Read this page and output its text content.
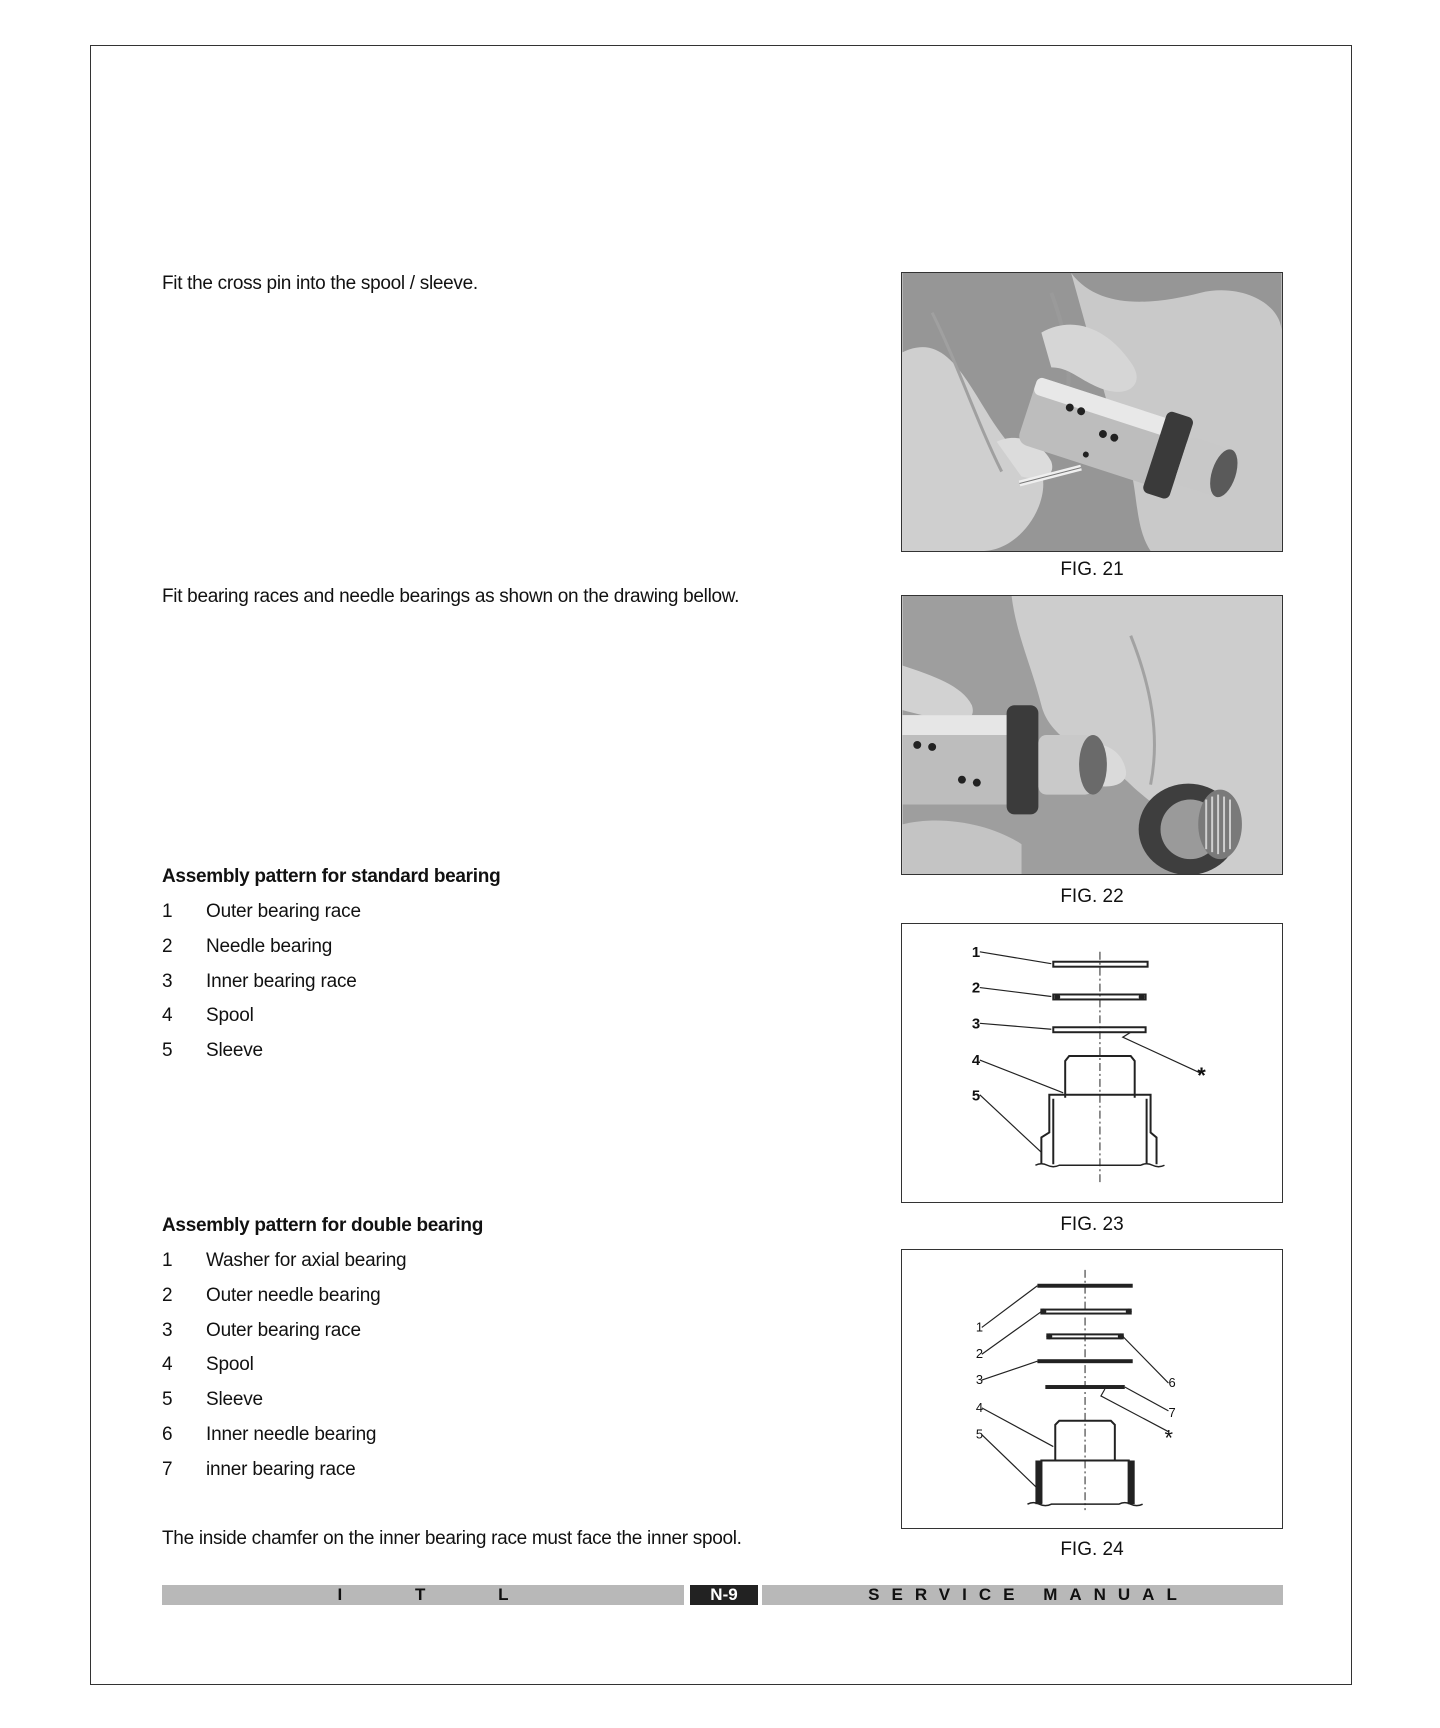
Fit the cross pin into the spool / sleeve.
Fit bearing races and needle bearings as shown on the drawing bellow.
Assembly pattern for standard bearing
1	Outer bearing race
2	Needle bearing
3	Inner bearing race
4	Spool
5	Sleeve
Assembly pattern for double bearing
1	Washer for axial bearing
2	Outer needle bearing
3	Outer bearing race
4	Spool
5	Sleeve
6	Inner needle bearing
7	inner bearing race
The inside chamfer on the inner bearing race must face the inner spool.
FIG. 21
FIG. 22
1
2
3
4
5
*
FIG. 23
1
2
3
4
5
6
7
*
FIG. 24
I T L	N-9	SERVICE MANUAL
